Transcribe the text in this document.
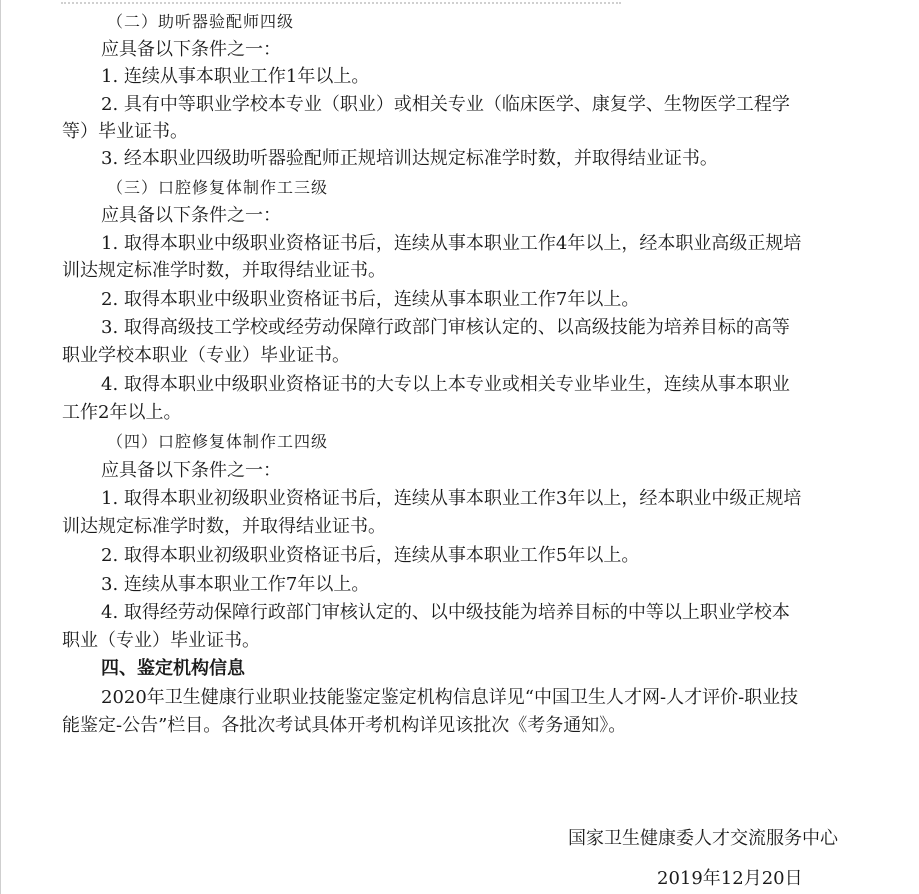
（二）助听器验配师四级
应具备以下条件之一：
1. 连续从事本职业工作1年以上。
2. 具有中等职业学校本专业（职业）或相关专业（临床医学、康复学、生物医学工程学
等）毕业证书。
3. 经本职业四级助听器验配师正规培训达规定标准学时数，并取得结业证书。
（三）口腔修复体制作工三级
应具备以下条件之一：
1. 取得本职业中级职业资格证书后，连续从事本职业工作4年以上，经本职业高级正规培
训达规定标准学时数，并取得结业证书。
2. 取得本职业中级职业资格证书后，连续从事本职业工作7年以上。
3. 取得高级技工学校或经劳动保障行政部门审核认定的、以高级技能为培养目标的高等
职业学校本职业（专业）毕业证书。
4. 取得本职业中级职业资格证书的大专以上本专业或相关专业毕业生，连续从事本职业
工作2年以上。
（四）口腔修复体制作工四级
应具备以下条件之一：
1. 取得本职业初级职业资格证书后，连续从事本职业工作3年以上，经本职业中级正规培
训达规定标准学时数，并取得结业证书。
2. 取得本职业初级职业资格证书后，连续从事本职业工作5年以上。
3. 连续从事本职业工作7年以上。
4. 取得经劳动保障行政部门审核认定的、以中级技能为培养目标的中等以上职业学校本
职业（专业）毕业证书。
四、鉴定机构信息
2020年卫生健康行业职业技能鉴定鉴定机构信息详见“中国卫生人才网-人才评价-职业技
能鉴定-公告”栏目。各批次考试具体开考机构详见该批次《考务通知》。
国家卫生健康委人才交流服务中心
2019年12月20日
